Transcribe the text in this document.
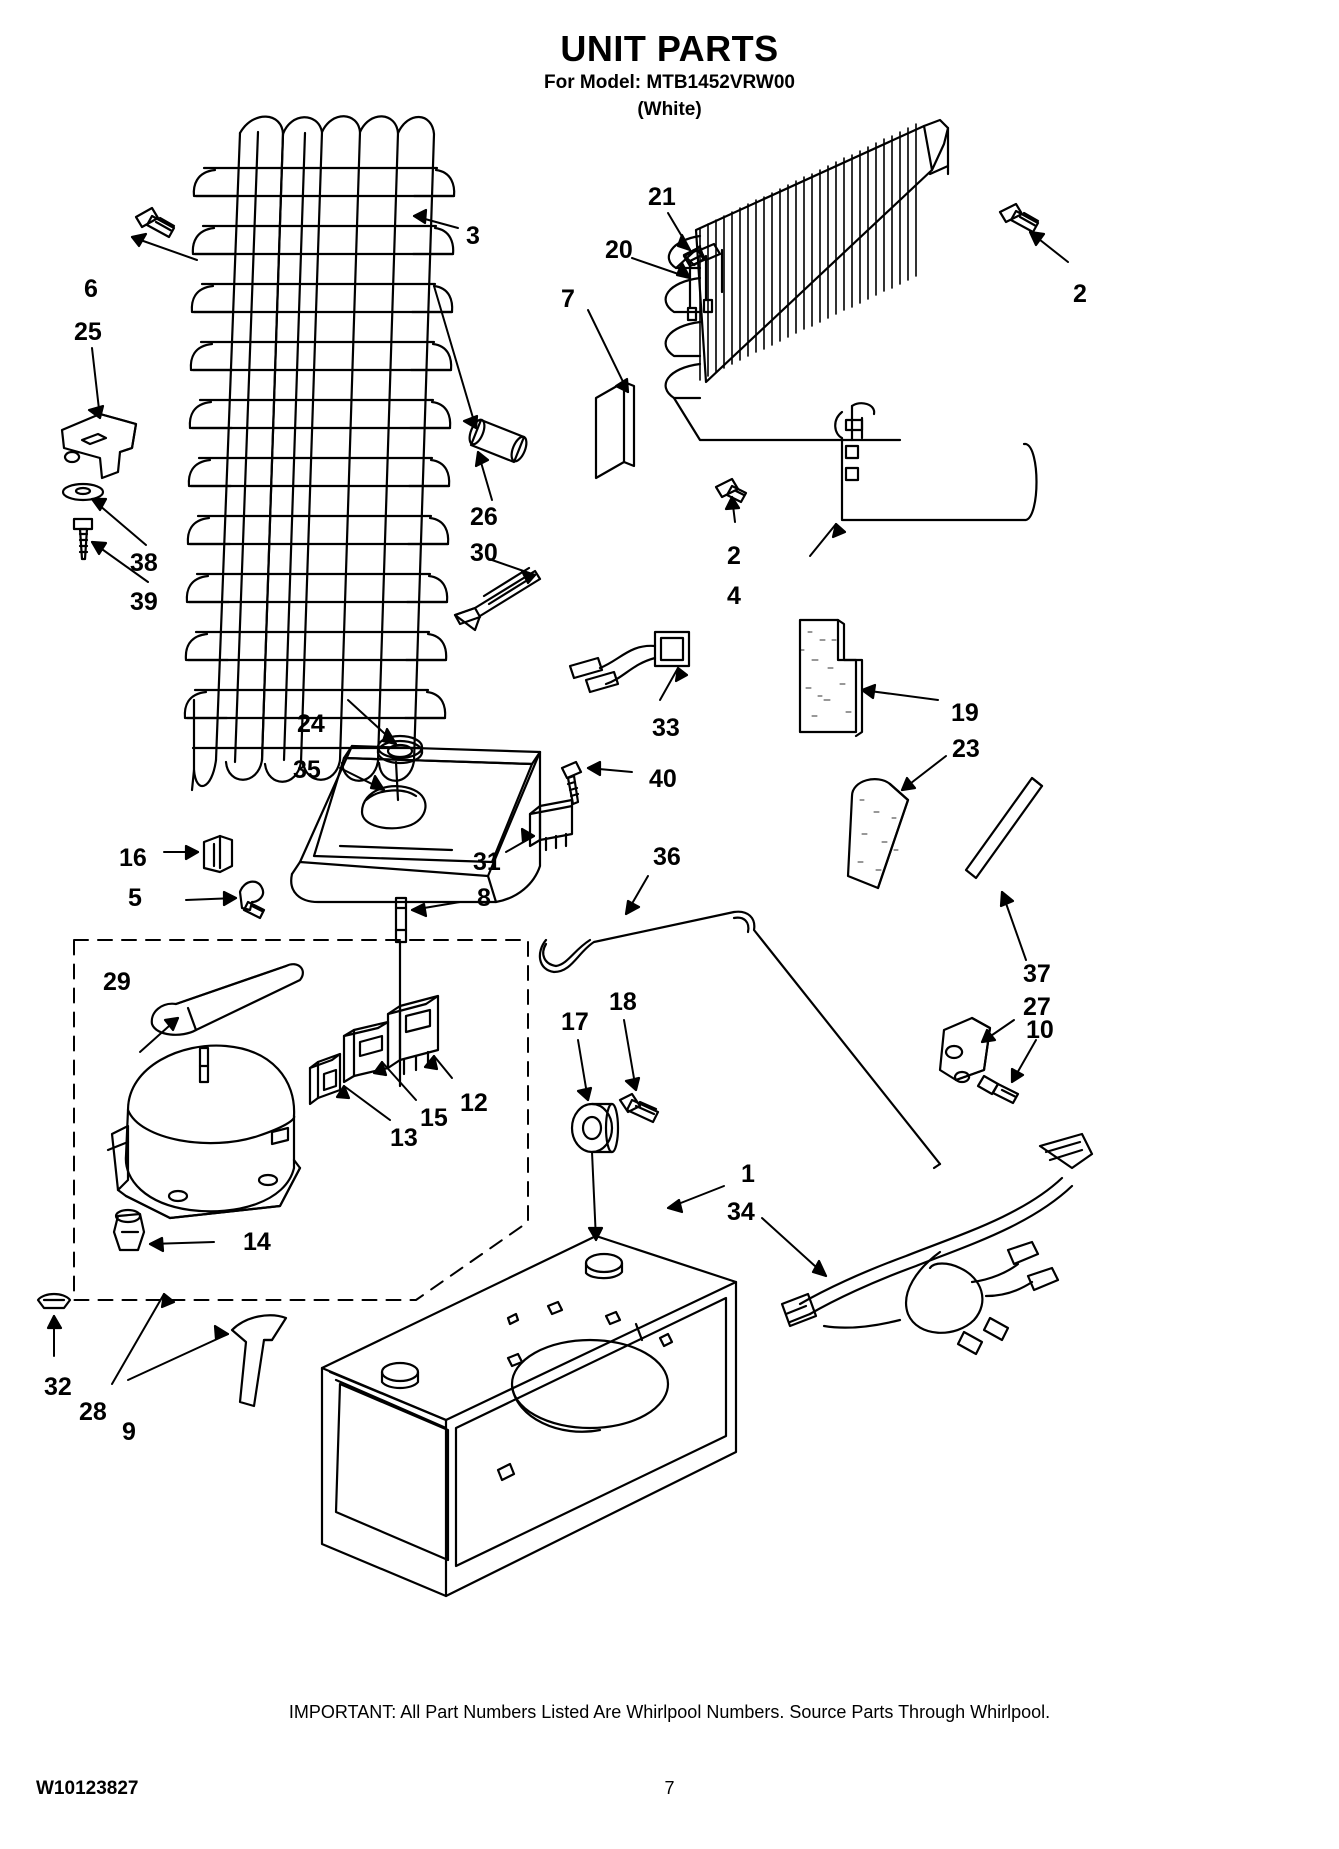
UNIT PARTS
For Model: MTB1452VRW00
(White)
3
6
25
21
20
2
7
38
39
26
30	2
4
19
23
33
24
35	40
16
5
31
8
36
37
27
10
29
17
18
12
15
13
14
1
34
32
28
9
IMPORTANT: All Part Numbers Listed Are Whirlpool Numbers. Source Parts Through Whirlpool.
W10123827	7
